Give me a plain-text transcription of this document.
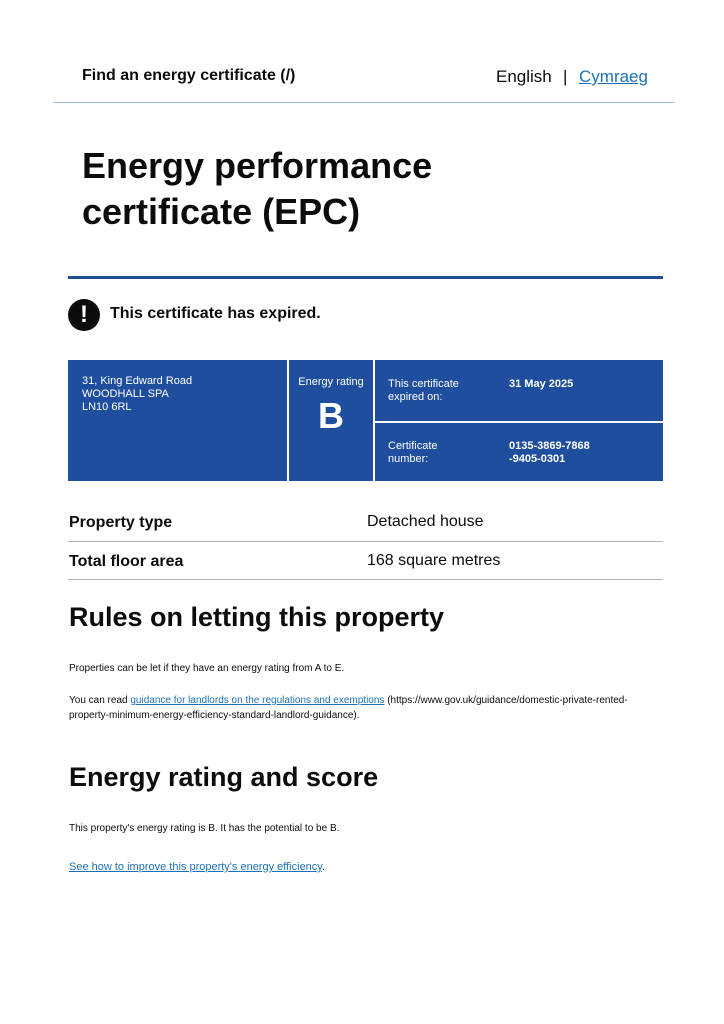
Find an energy certificate (/)	English | Cymraeg
Energy performance certificate (EPC)
!	This certificate has expired.
31, King Edward Road
WOODHALL SPA
LN10 6RL
Energy rating
B
This certificate expired on:
31 May 2025
Certificate number:
0135-3869-7868
-9405-0301
Property type	Detached house
Total floor area	168 square metres
Rules on letting this property
Properties can be let if they have an energy rating from A to E.
You can read guidance for landlords on the regulations and exemptions (https://www.gov.uk/guidance/domestic-private-rented-property-minimum-energy-efficiency-standard-landlord-guidance).
Energy rating and score
This property's energy rating is B. It has the potential to be B.
See how to improve this property's energy efficiency.
